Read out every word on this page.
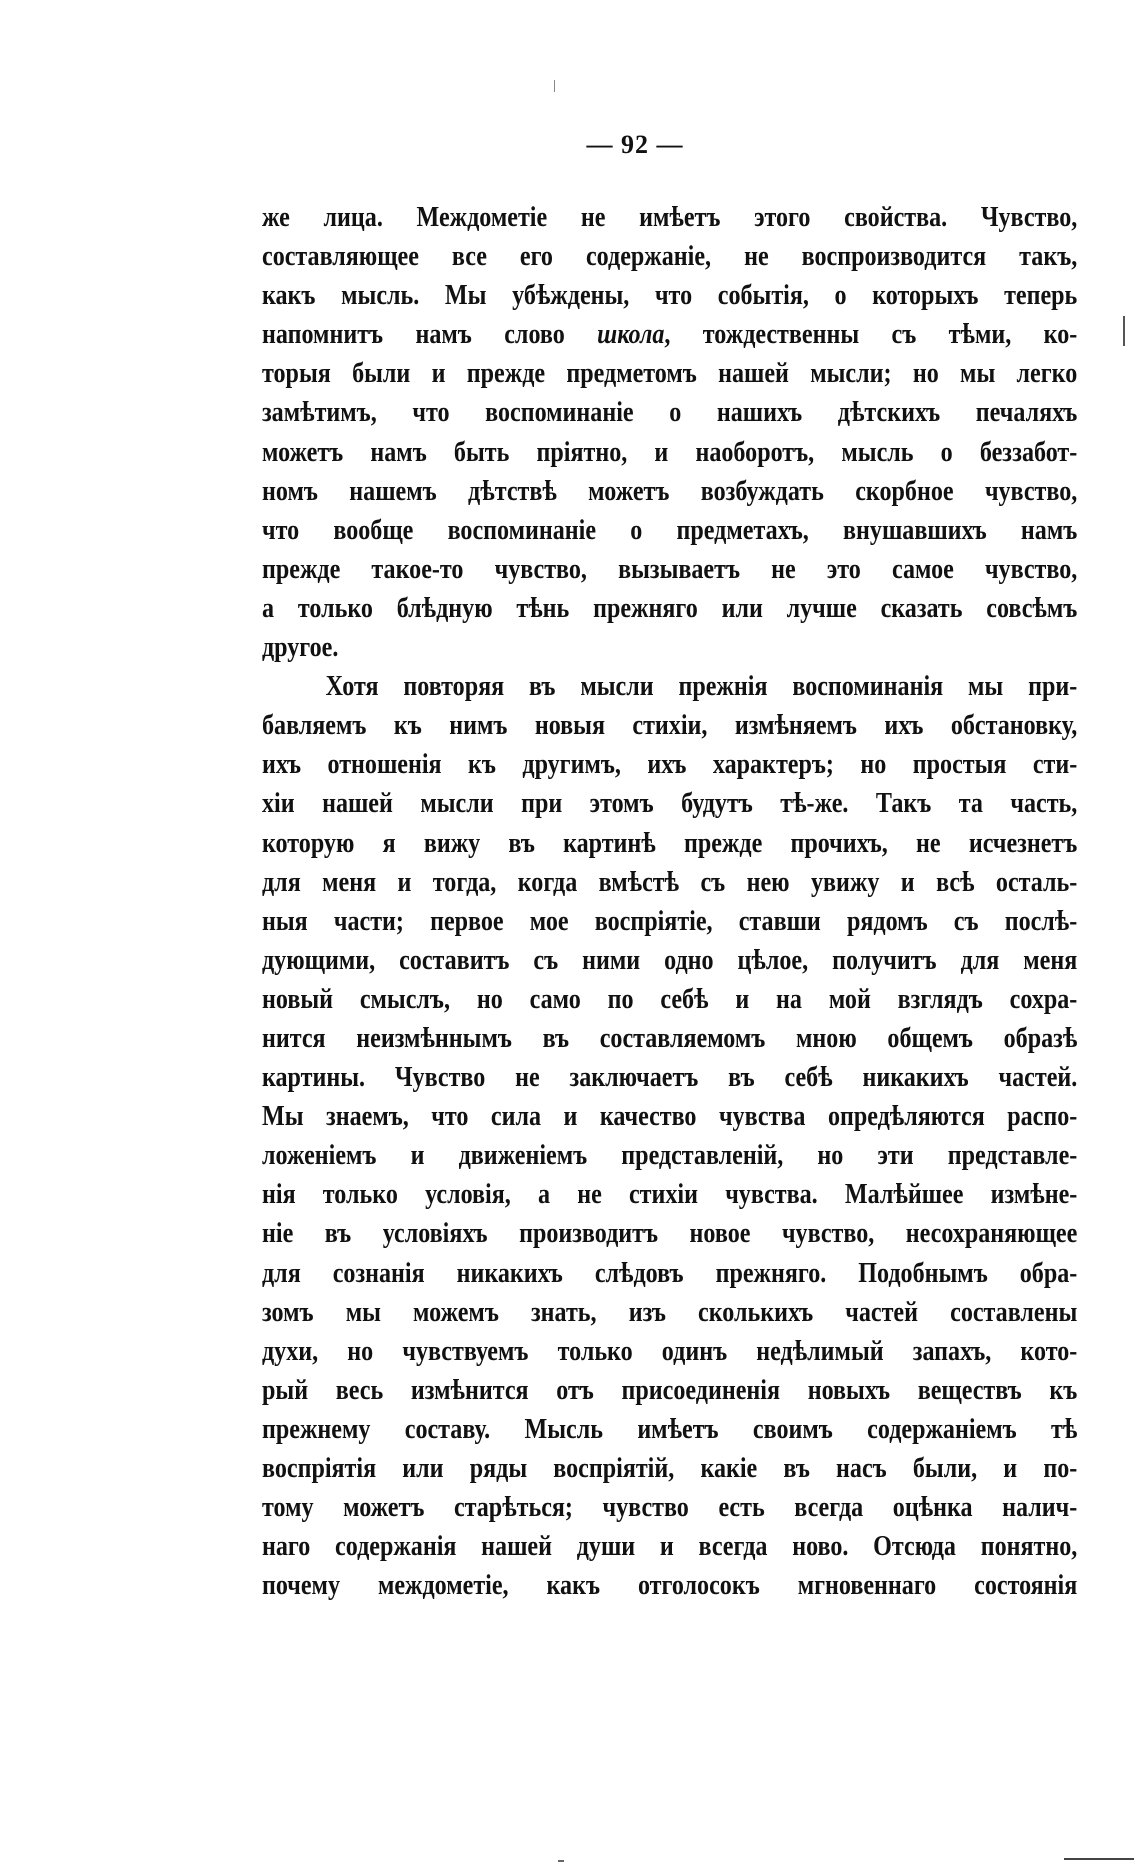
— 92 —
же лица. Междометіе не имѣетъ этого свойства. Чувство,
составляющее все его содержаніе, не воспроизводится такъ,
какъ мысль. Мы убѣждены, что событія, о которыхъ теперь
напомнитъ намъ слово школа, тождественны съ тѣми, ко-
торыя были и прежде предметомъ нашей мысли; но мы легко
замѣтимъ, что воспоминаніе о нашихъ дѣтскихъ печаляхъ
можетъ намъ быть пріятно, и наоборотъ, мысль о беззабот-
номъ нашемъ дѣтствѣ можетъ возбуждать скорбное чувство,
что вообще воспоминаніе о предметахъ, внушавшихъ намъ
прежде такое-то чувство, вызываетъ не это самое чувство,
а только блѣдную тѣнь прежняго или лучше сказать совсѣмъ
другое.
Хотя повторяя въ мысли прежнія воспоминанія мы при-
бавляемъ къ нимъ новыя стихіи, измѣняемъ ихъ обстановку,
ихъ отношенія къ другимъ, ихъ характеръ; но простыя сти-
хіи нашей мысли при этомъ будутъ тѣ-же. Такъ та часть,
которую я вижу въ картинѣ прежде прочихъ, не исчезнетъ
для меня и тогда, когда вмѣстѣ съ нею увижу и всѣ осталь-
ныя части; первое мое воспріятіе, ставши рядомъ съ послѣ-
дующими, составитъ съ ними одно цѣлое, получитъ для меня
новый смыслъ, но само по себѣ и на мой взглядъ сохра-
нится неизмѣннымъ въ составляемомъ мною общемъ образѣ
картины. Чувство не заключаетъ въ себѣ никакихъ частей.
Мы знаемъ, что сила и качество чувства опредѣляются распо-
ложеніемъ и движеніемъ представленій, но эти представле-
нія только условія, а не стихіи чувства. Малѣйшее измѣне-
ніе въ условіяхъ производитъ новое чувство, несохраняющее
для сознанія никакихъ слѣдовъ прежняго. Подобнымъ обра-
зомъ мы можемъ знать, изъ сколькихъ частей составлены
духи, но чувствуемъ только одинъ недѣлимый запахъ, кото-
рый весь измѣнится отъ присоединенія новыхъ веществъ къ
прежнему составу. Мысль имѣетъ своимъ содержаніемъ тѣ
воспріятія или ряды воспріятій, какіе въ насъ были, и по-
тому можетъ старѣться; чувство есть всегда оцѣнка налич-
наго содержанія нашей души и всегда ново. Отсюда понятно,
почему междометіе, какъ отголосокъ мгновеннаго состоянія
